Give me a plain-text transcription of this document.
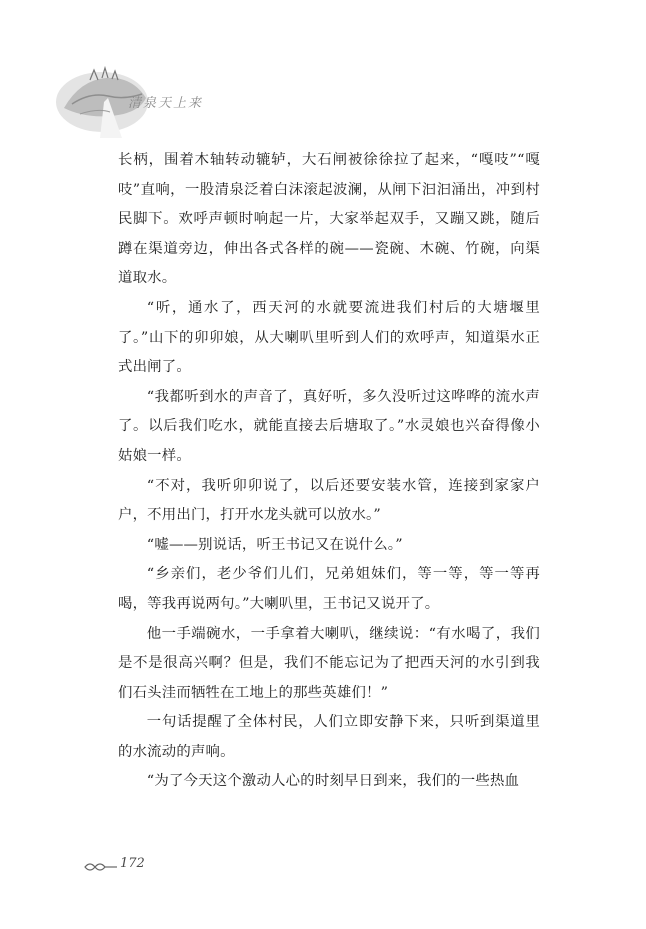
清泉天上来

长柄，围着木轴转动辘轳，大石闸被徐徐拉了起来，“嘎吱”“嘎吱”直响，一股清泉泛着白沫滚起波澜，从闸下汩汩涌出，冲到村民脚下。欢呼声顿时响起一片，大家举起双手，又蹦又跳，随后蹲在渠道旁边，伸出各式各样的碗——瓷碗、木碗、竹碗，向渠道取水。

“听，通水了，西天河的水就要流进我们村后的大塘堰里了。”山下的卯卯娘，从大喇叭里听到人们的欢呼声，知道渠水正式出闸了。

“我都听到水的声音了，真好听，多久没听过这哗哗的流水声了。以后我们吃水，就能直接去后塘取了。”水灵娘也兴奋得像小姑娘一样。

“不对，我听卯卯说了，以后还要安装水管，连接到家家户户，不用出门，打开水龙头就可以放水。”

“嘘——别说话，听王书记又在说什么。”

“乡亲们，老少爷们儿们，兄弟姐妹们，等一等，等一等再喝，等我再说两句。”大喇叭里，王书记又说开了。

他一手端碗水，一手拿着大喇叭，继续说：“有水喝了，我们是不是很高兴啊？但是，我们不能忘记为了把西天河的水引到我们石头洼而牺牲在工地上的那些英雄们！”

一句话提醒了全体村民，人们立即安静下来，只听到渠道里的水流动的声响。

“为了今天这个激动人心的时刻早日到来，我们的一些热血

172
